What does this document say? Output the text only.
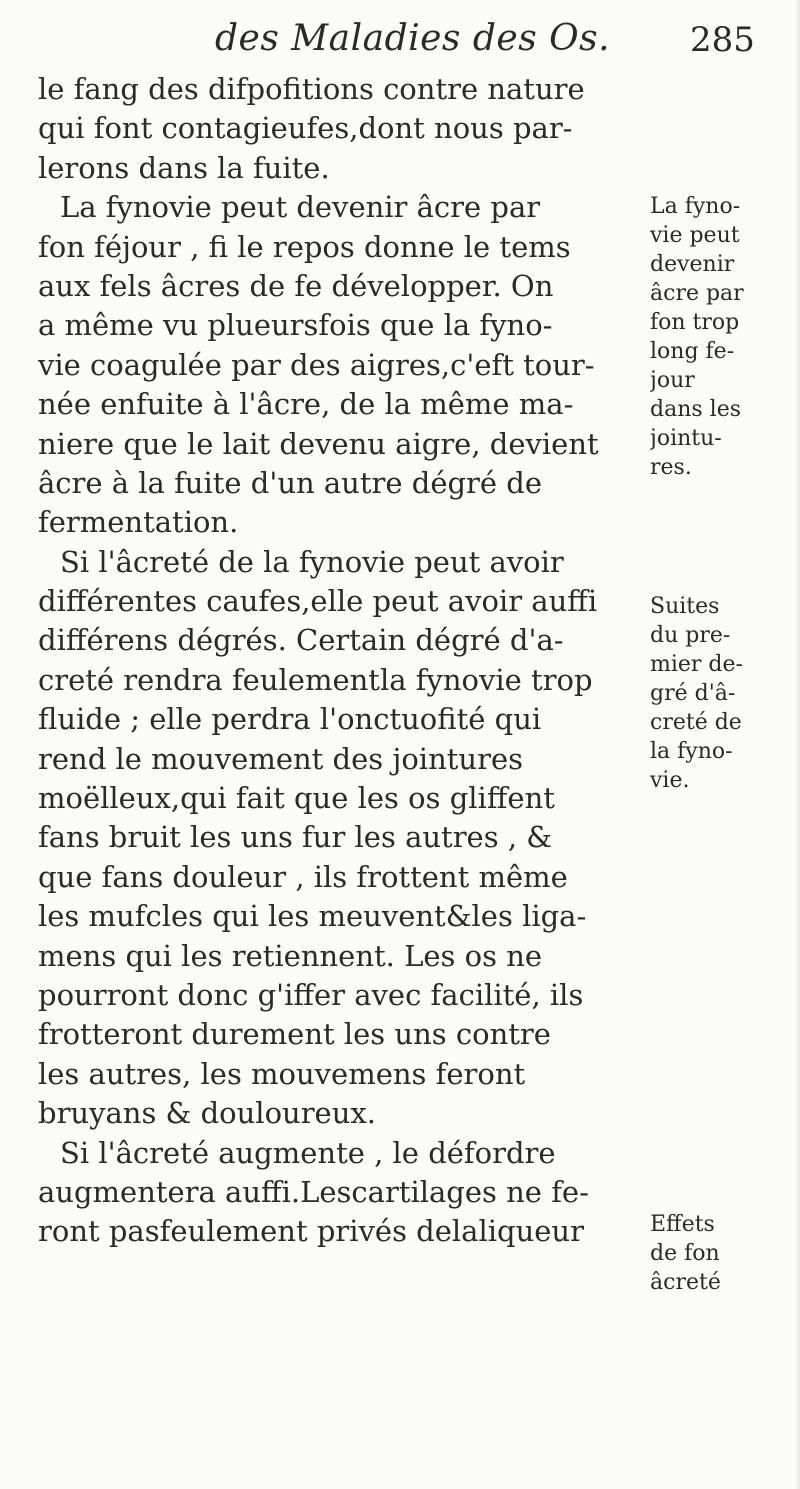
des Maladies des Os. 285
le fang des difpofitions contre nature
qui font contagieufes,dont nous par-
lerons dans la fuite.
La fynovie peut devenir âcre par
fon féjour , fi le repos donne le tems
aux fels âcres de fe développer. On
a même vu plueursfois que la fyno-
vie coagulée par des aigres,c'eft tour-
née enfuite à l'âcre, de la même ma-
niere que le lait devenu aigre, devient
âcre à la fuite d'un autre dégré de
fermentation.
Si l'âcreté de la fynovie peut avoir
différentes caufes,elle peut avoir auffi
différens dégrés. Certain dégré d'a-
creté rendra feulementla fynovie trop
fluide ; elle perdra l'onctuofité qui
rend le mouvement des jointures
moëlleux,qui fait que les os gliffent
fans bruit les uns fur les autres , &
que fans douleur , ils frottent même
les mufcles qui les meuvent&les liga-
mens qui les retiennent. Les os ne
pourront donc g'iffer avec facilité, ils
frotteront durement les uns contre
les autres, les mouvemens feront
bruyans & douloureux.
Si l'âcreté augmente , le défordre
augmentera auffi.Lescartilages ne fe-
ront pasfeulement privés delaliqueur
La fyno-
vie peut
devenir
âcre par
fon trop
long fe-
jour
dans les
jointu-
res.
Suites
du pre-
mier de-
gré d'â-
creté de
la fyno-
vie.
Effets
de fon
âcreté
